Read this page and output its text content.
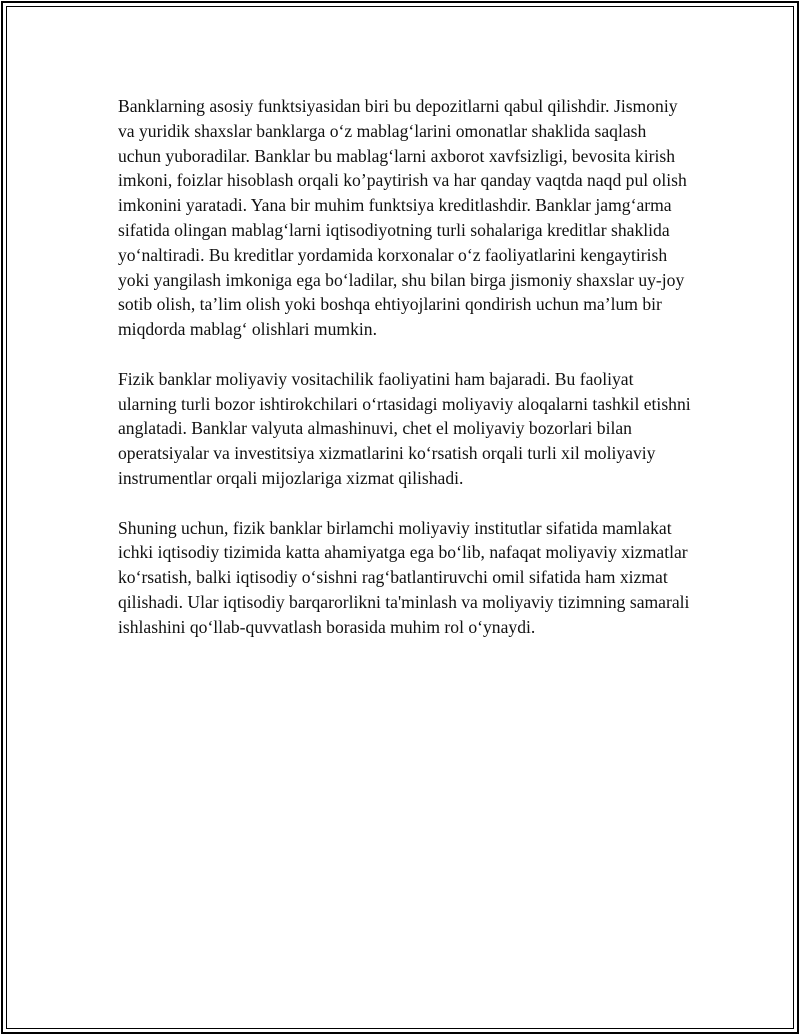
Banklarning asosiy funktsiyasidan biri bu depozitlarni qabul qilishdir. Jismoniy va yuridik shaxslar banklarga o‘z mablag‘larini omonatlar shaklida saqlash uchun yuboradilar. Banklar bu mablag‘larni axborot xavfsizligi, bevosita kirish imkoni, foizlar hisoblash orqali ko’paytirish va har qanday vaqtda naqd pul olish imkonini yaratadi. Yana bir muhim funktsiya kreditlashdir. Banklar jamg‘arma sifatida olingan mablag‘larni iqtisodiyotning turli sohalariga kreditlar shaklida yo‘naltiradi. Bu kreditlar yordamida korxonalar o‘z faoliyatlarini kengaytirish yoki yangilash imkoniga ega bo‘ladilar, shu bilan birga jismoniy shaxslar uy-joy sotib olish, ta’lim olish yoki boshqa ehtiyojlarini qondirish uchun ma’lum bir miqdorda mablag‘ olishlari mumkin.

Fizik banklar moliyaviy vositachilik faoliyatini ham bajaradi. Bu faoliyat ularning turli bozor ishtirokchilari o‘rtasidagi moliyaviy aloqalarni tashkil etishni anglatadi. Banklar valyuta almashinuvi, chet el moliyaviy bozorlari bilan operatsiyalar va investitsiya xizmatlarini ko‘rsatish orqali turli xil moliyaviy instrumentlar orqali mijozlariga xizmat qilishadi.

Shuning uchun, fizik banklar birlamchi moliyaviy institutlar sifatida mamlakat ichki iqtisodiy tizimida katta ahamiyatga ega bo‘lib, nafaqat moliyaviy xizmatlar ko‘rsatish, balki iqtisodiy o‘sishni rag‘batlantiruvchi omil sifatida ham xizmat qilishadi. Ular iqtisodiy barqarorlikni ta'minlash va moliyaviy tizimning samarali ishlashini qo‘llab-quvvatlash borasida muhim rol o‘ynaydi.
